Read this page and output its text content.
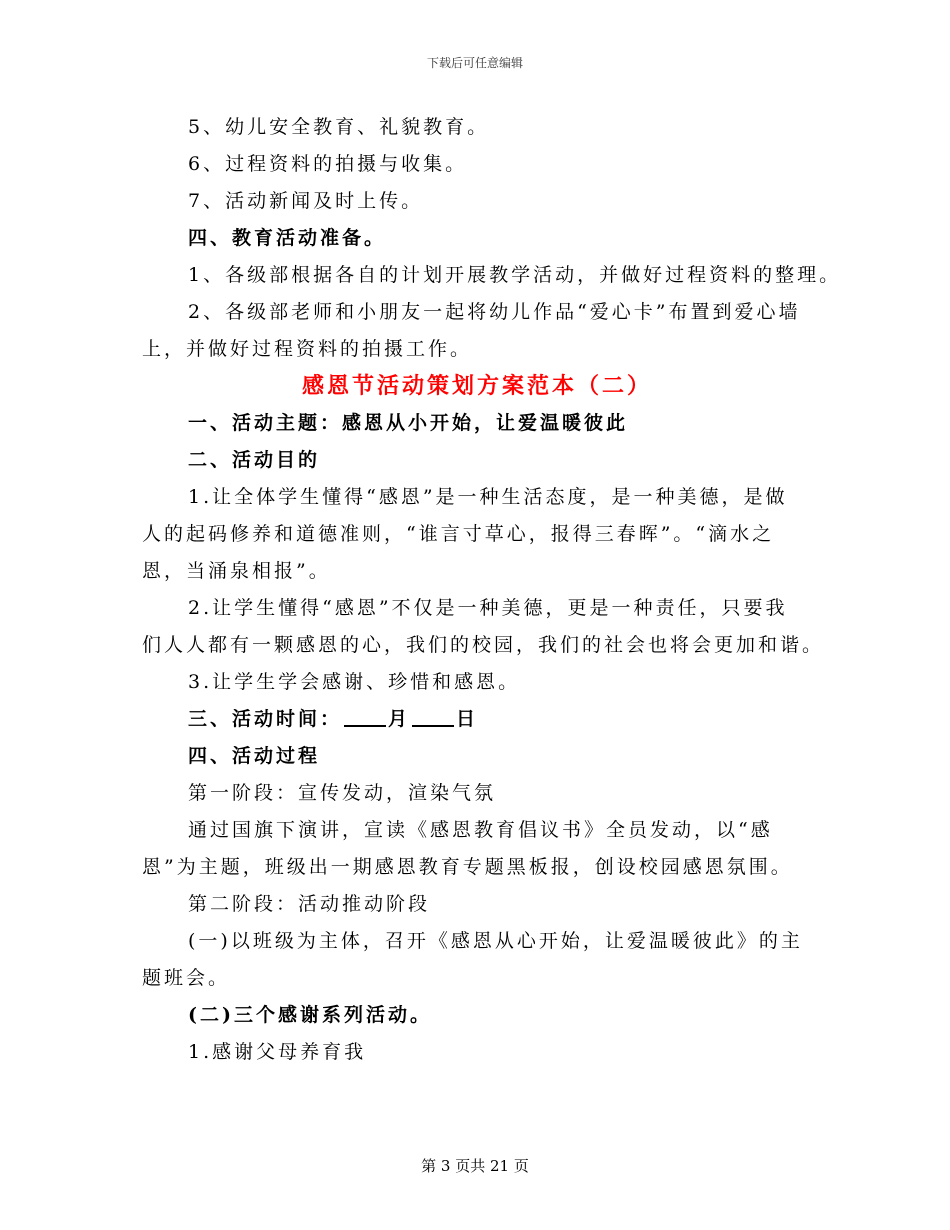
下载后可任意编辑
5、幼儿安全教育、礼貌教育。
6、过程资料的拍摄与收集。
7、活动新闻及时上传。
四、教育活动准备。
1、各级部根据各自的计划开展教学活动，并做好过程资料的整理。
2、各级部老师和小朋友一起将幼儿作品“爱心卡”布置到爱心墙
上，并做好过程资料的拍摄工作。
感恩节活动策划方案范本（二）
一、活动主题：感恩从小开始，让爱温暖彼此
二、活动目的
1.让全体学生懂得“感恩”是一种生活态度，是一种美德，是做
人的起码修养和道德准则，“谁言寸草心，报得三春晖”。“滴水之
恩，当涌泉相报”。
2.让学生懂得“感恩”不仅是一种美德，更是一种责任，只要我
们人人都有一颗感恩的心，我们的校园，我们的社会也将会更加和谐。
3.让学生学会感谢、珍惜和感恩。
三、活动时间： 月 日
四、活动过程
第一阶段：宣传发动，渲染气氛
通过国旗下演讲，宣读《感恩教育倡议书》全员发动，以“感
恩”为主题，班级出一期感恩教育专题黑板报，创设校园感恩氛围。
第二阶段：活动推动阶段
(一)以班级为主体，召开《感恩从心开始，让爱温暖彼此》的主
题班会。
(二)三个感谢系列活动。
1.感谢父母养育我
第 3 页共 21 页
